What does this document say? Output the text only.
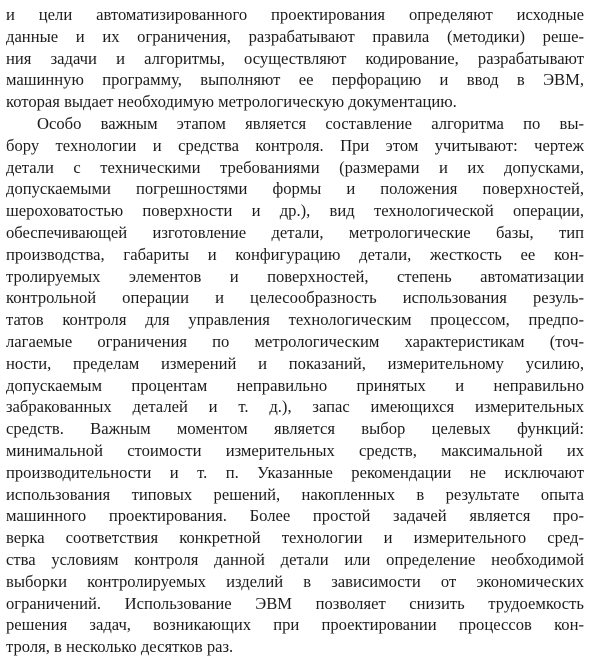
и цели автоматизированного проектирования определяют исходные
данные и их ограничения, разрабатывают правила (методики) реше-
ния задачи и алгоритмы, осуществляют кодирование, разрабатывают
машинную программу, выполняют ее перфорацию и ввод в ЭВМ,
которая выдает необходимую метрологическую документацию.
Особо важным этапом является составление алгоритма по вы-
бору технологии и средства контроля. При этом учитывают: чертеж
детали с техническими требованиями (размерами и их допусками,
допускаемыми погрешностями формы и положения поверхностей,
шероховатостью поверхности и др.), вид технологической операции,
обеспечивающей изготовление детали, метрологические базы, тип
производства, габариты и конфигурацию детали, жесткость ее кон-
тролируемых элементов и поверхностей, степень автоматизации
контрольной операции и целесообразность использования резуль-
татов контроля для управления технологическим процессом, предпо-
лагаемые ограничения по метрологическим характеристикам (точ-
ности, пределам измерений и показаний, измерительному усилию,
допускаемым процентам неправильно принятых и неправильно
забракованных деталей и т. д.), запас имеющихся измерительных
средств. Важным моментом является выбор целевых функций:
минимальной стоимости измерительных средств, максимальной их
производительности и т. п. Указанные рекомендации не исключают
использования типовых решений, накопленных в результате опыта
машинного проектирования. Более простой задачей является про-
верка соответствия конкретной технологии и измерительного сред-
ства условиям контроля данной детали или определение необходимой
выборки контролируемых изделий в зависимости от экономических
ограничений. Использование ЭВМ позволяет снизить трудоемкость
решения задач, возникающих при проектировании процессов кон-
троля, в несколько десятков раз.
